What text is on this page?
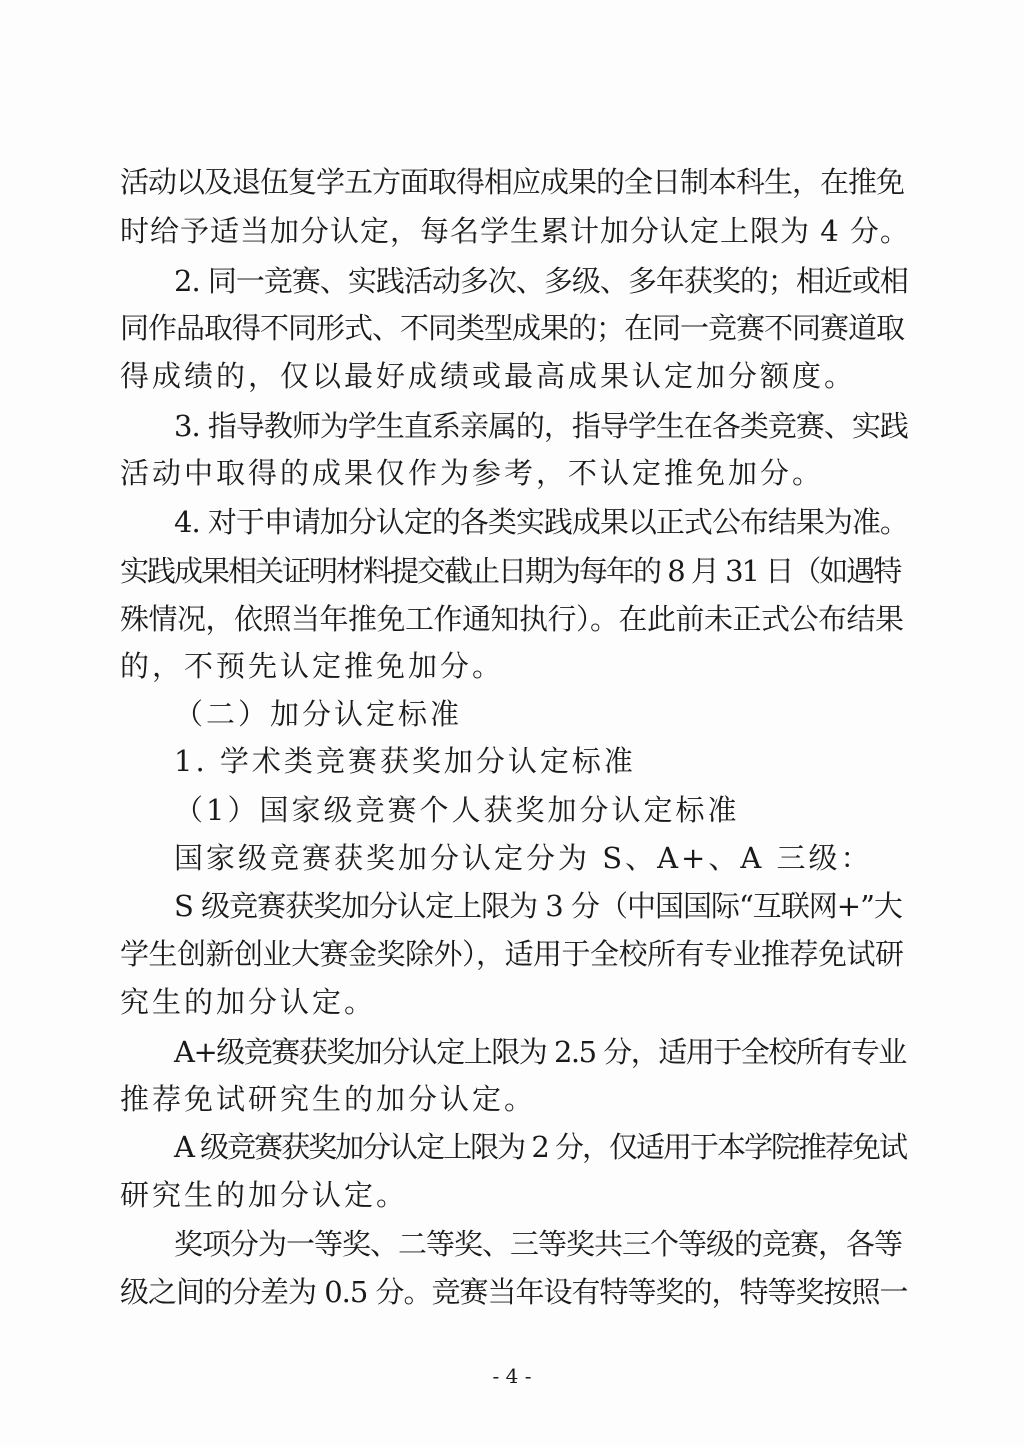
活动以及退伍复学五方面取得相应成果的全日制本科生，在推免
时给予适当加分认定，每名学生累计加分认定上限为 4 分。
2. 同一竞赛、实践活动多次、多级、多年获奖的；相近或相
同作品取得不同形式、不同类型成果的；在同一竞赛不同赛道取
得成绩的，仅以最好成绩或最高成果认定加分额度。
3. 指导教师为学生直系亲属的，指导学生在各类竞赛、实践
活动中取得的成果仅作为参考，不认定推免加分。
4. 对于申请加分认定的各类实践成果以正式公布结果为准。
实践成果相关证明材料提交截止日期为每年的 8 月 31 日（如遇特
殊情况，依照当年推免工作通知执行）。在此前未正式公布结果
的，不预先认定推免加分。
（二）加分认定标准
1. 学术类竞赛获奖加分认定标准
（1）国家级竞赛个人获奖加分认定标准
国家级竞赛获奖加分认定分为 S、A+、A 三级：
S 级竞赛获奖加分认定上限为 3 分（中国国际“互联网+”大
学生创新创业大赛金奖除外），适用于全校所有专业推荐免试研
究生的加分认定。
A+级竞赛获奖加分认定上限为 2.5 分，适用于全校所有专业
推荐免试研究生的加分认定。
A 级竞赛获奖加分认定上限为 2 分，仅适用于本学院推荐免试
研究生的加分认定。
奖项分为一等奖、二等奖、三等奖共三个等级的竞赛，各等
级之间的分差为 0.5 分。竞赛当年设有特等奖的，特等奖按照一
- 4 -
